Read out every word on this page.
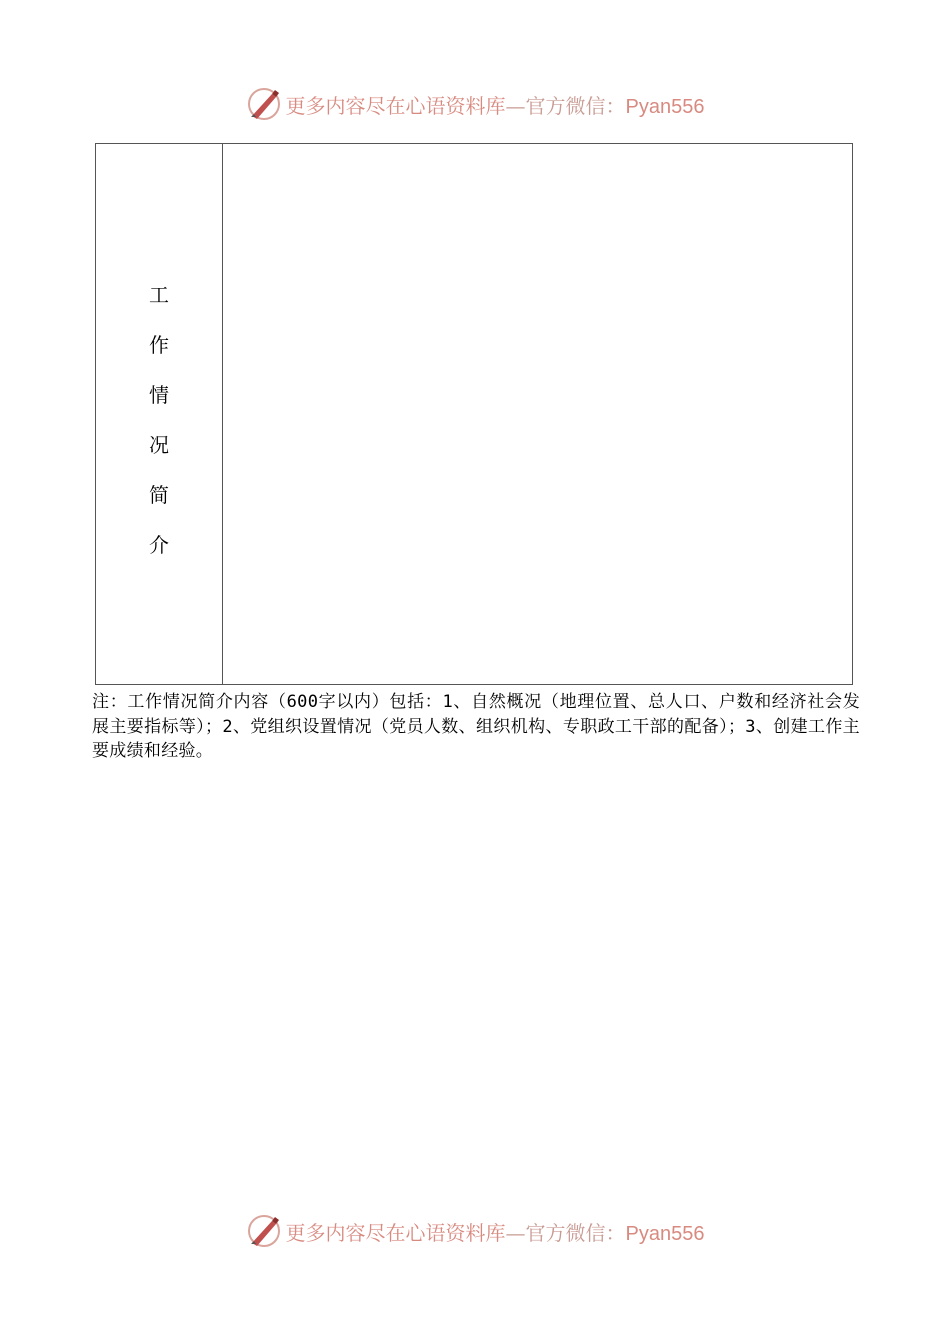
更多内容尽在心语资料库—官方微信：Pyan556
工
作
情
况
简
介
注：工作情况简介内容（600字以内）包括：1、自然概况（地理位置、总人口、户数和经济社会发展主要指标等）；2、党组织设置情况（党员人数、组织机构、专职政工干部的配备）；3、创建工作主要成绩和经验。
更多内容尽在心语资料库—官方微信：Pyan556
